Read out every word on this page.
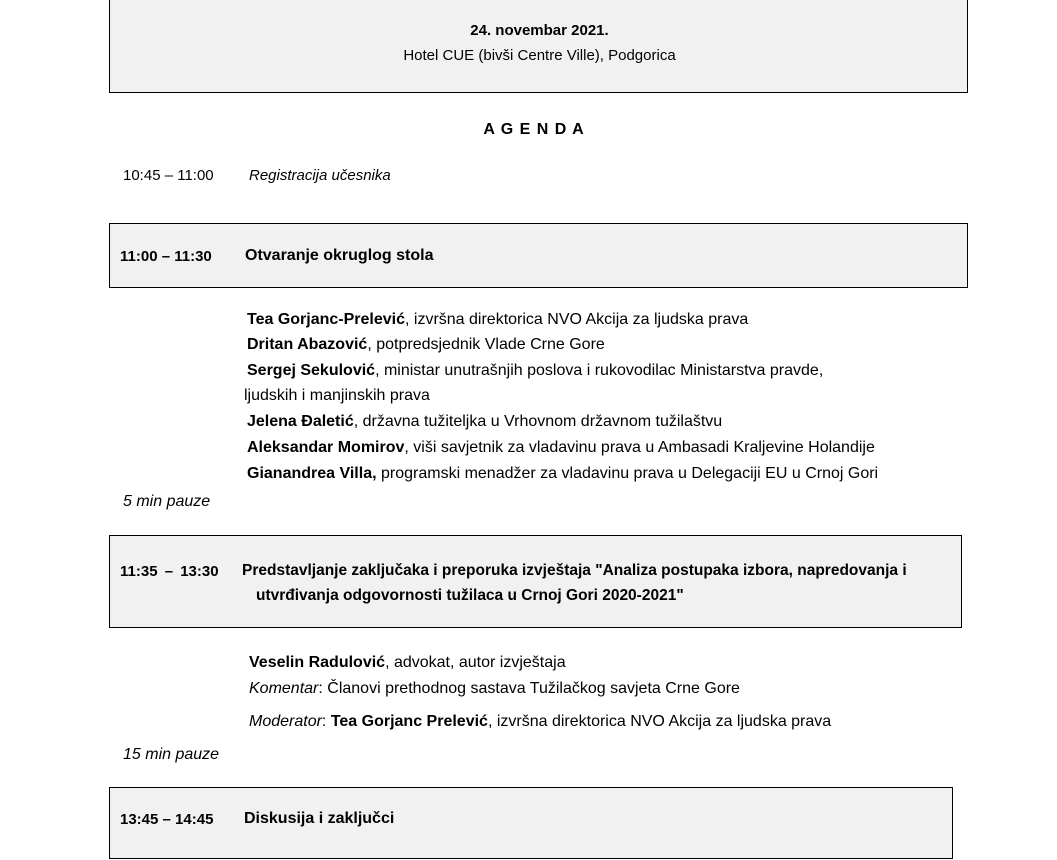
24. novembar 2021.
Hotel CUE (bivši Centre Ville), Podgorica
A G E N D A
10:45 – 11:00 Registracija učesnika
11:00 – 11:30 Otvaranje okruglog stola
Tea Gorjanc-Prelević, izvršna direktorica NVO Akcija za ljudska prava
Dritan Abazović, potpredsjednik Vlade Crne Gore
Sergej Sekulović, ministar unutrašnjih poslova i rukovodilac Ministarstva pravde,
ljudskih i manjinskih prava
Jelena Đaletić, državna tužiteljka u Vrhovnom državnom tužilaštvu
Aleksandar Momirov, viši savjetnik za vladavinu prava u Ambasadi Kraljevine Holandije
Gianandrea Villa, programski menadžer za vladavinu prava u Delegaciji EU u Crnoj Gori
5 min pauze
11:35 – 13:30 Predstavljanje zaključaka i preporuka izvještaja "Analiza postupaka izbora, napredovanja i
utvrđivanja odgovornosti tužilaca u Crnoj Gori 2020-2021"
Veselin Radulović, advokat, autor izvještaja
Komentar: Članovi prethodnog sastava Tužilačkog savjeta Crne Gore
Moderator: Tea Gorjanc Prelević, izvršna direktorica NVO Akcija za ljudska prava
15 min pauze
13:45 – 14:45 Diskusija i zaključci
